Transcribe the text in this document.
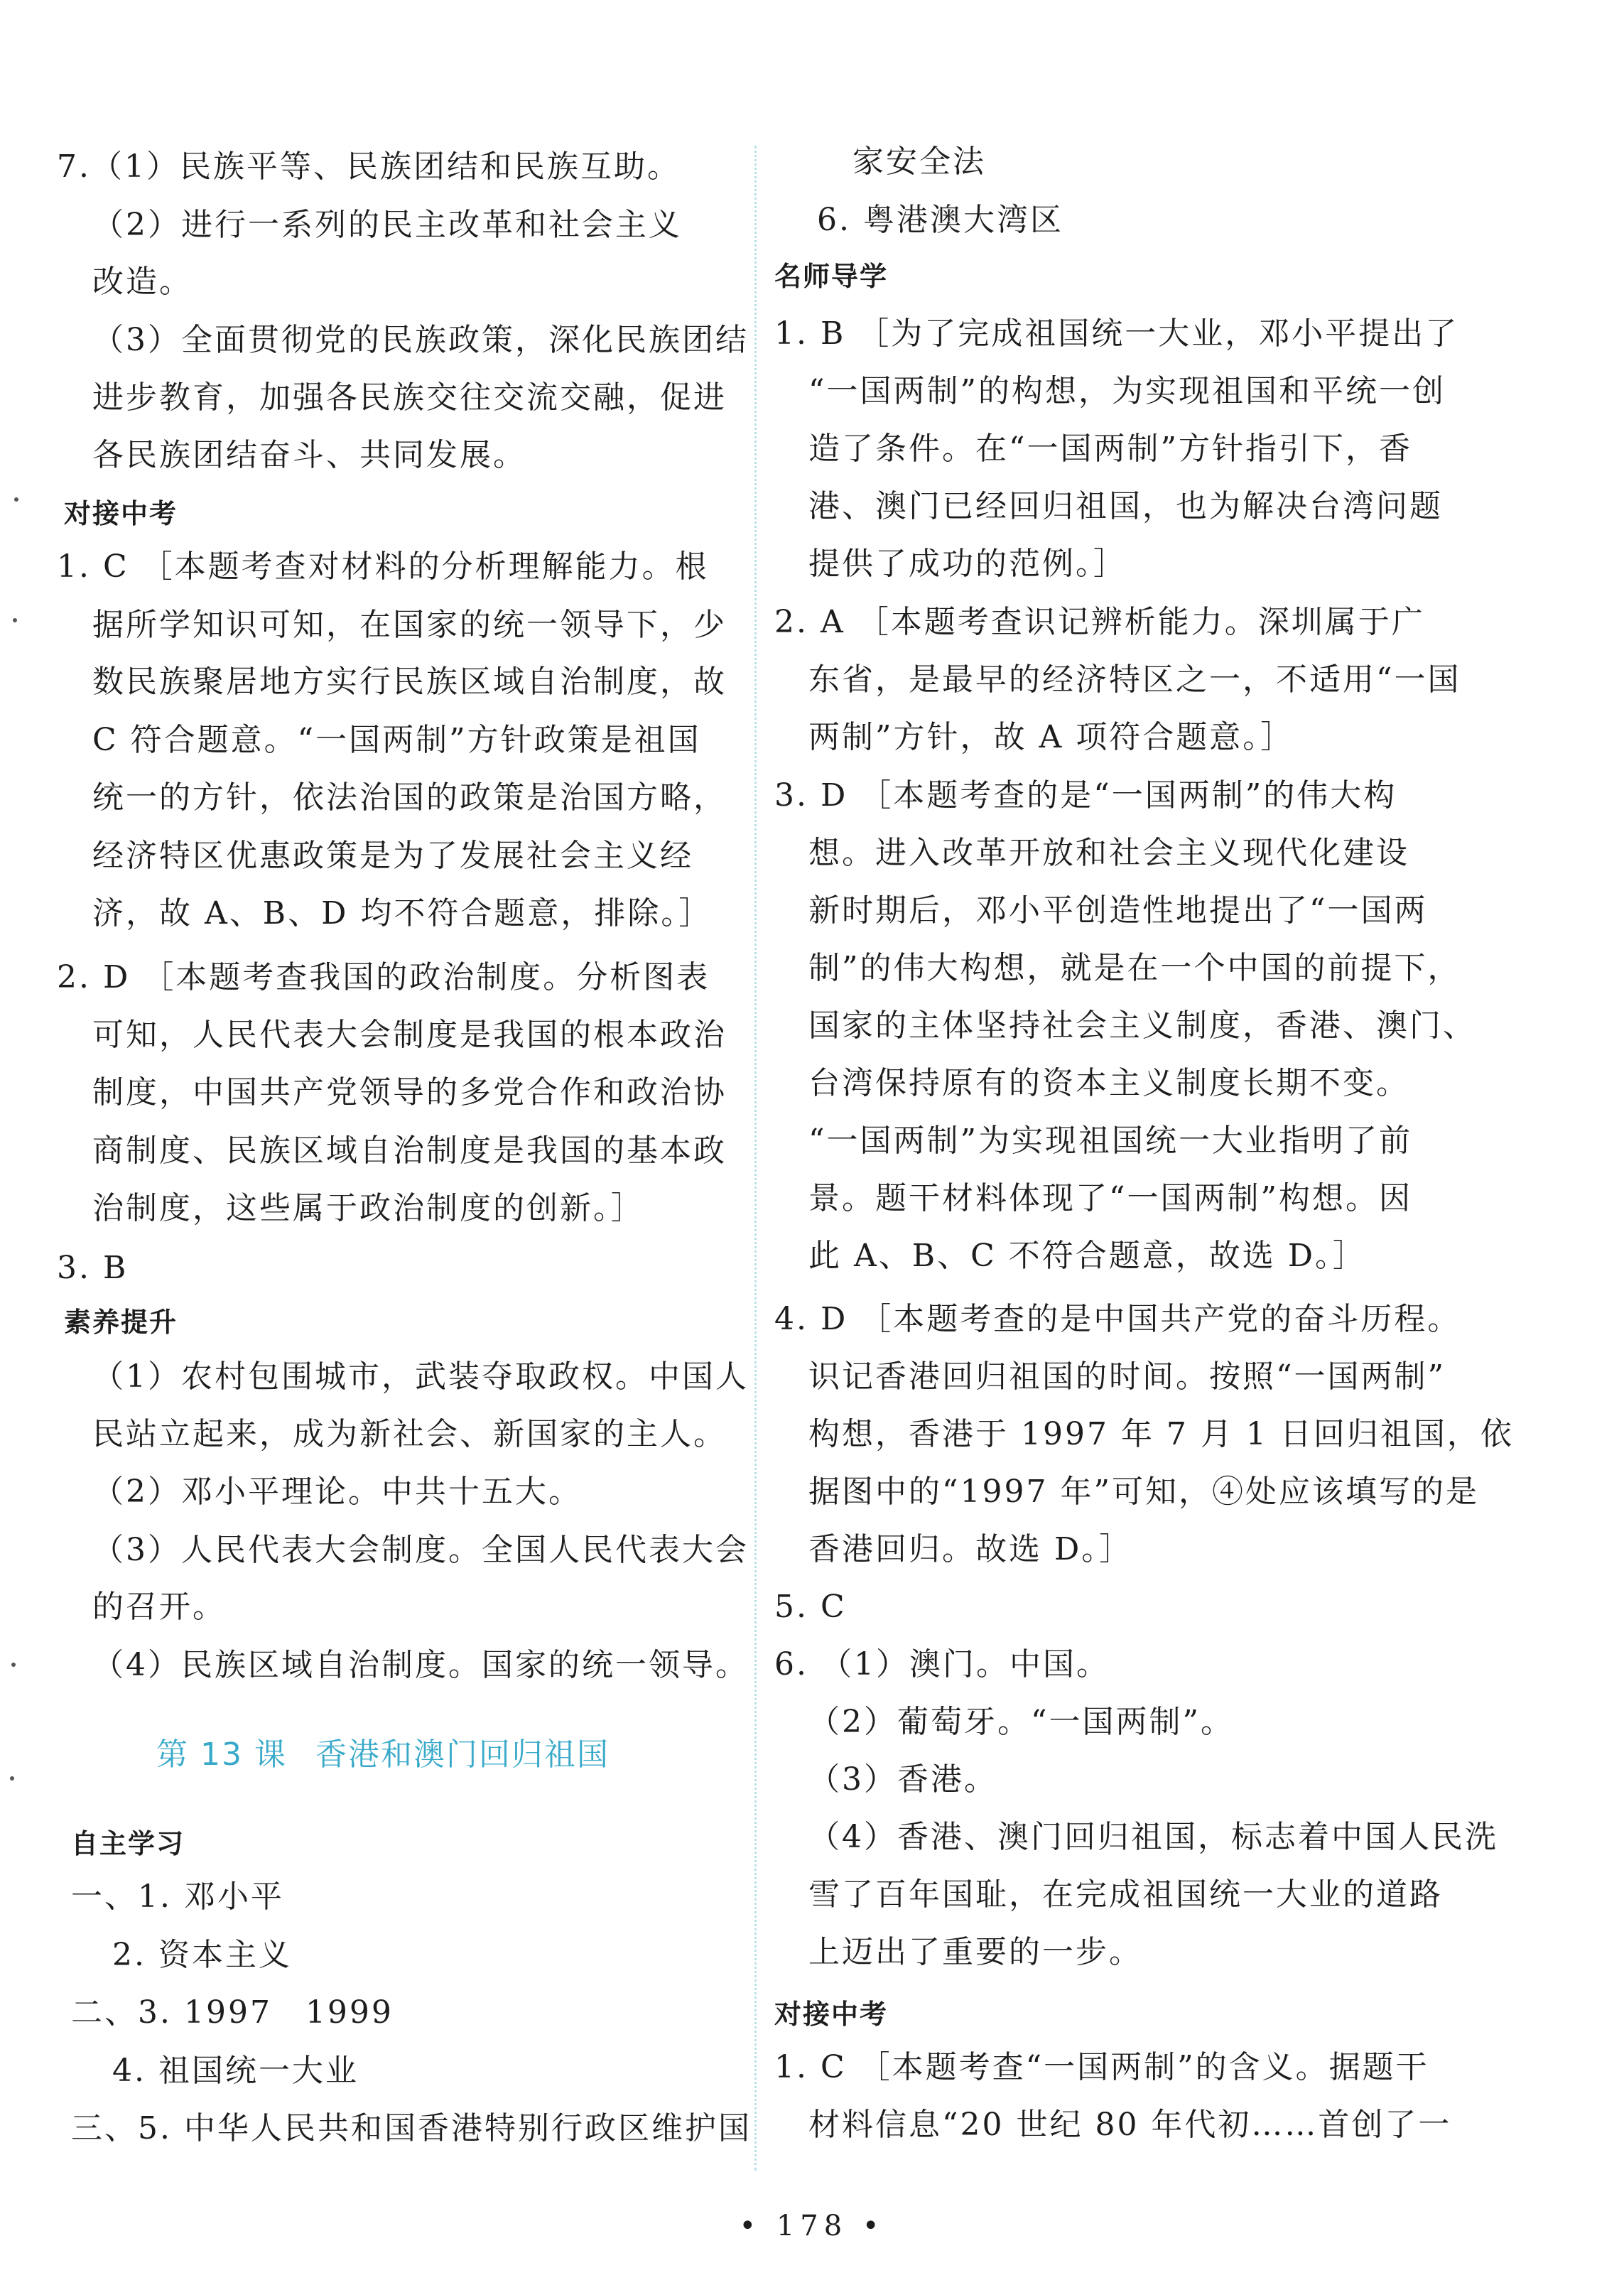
7.（1）民族平等、民族团结和民族互助。
（2）进行一系列的民主改革和社会主义
改造。
（3）全面贯彻党的民族政策，深化民族团结
进步教育，加强各民族交往交流交融，促进
各民族团结奋斗、共同发展。
对接中考
1. C ［本题考查对材料的分析理解能力。根
据所学知识可知，在国家的统一领导下，少
数民族聚居地方实行民族区域自治制度，故
C 符合题意。“一国两制”方针政策是祖国
统一的方针，依法治国的政策是治国方略，
经济特区优惠政策是为了发展社会主义经
济，故 A、B、D 均不符合题意，排除。］
2. D ［本题考查我国的政治制度。分析图表
可知，人民代表大会制度是我国的根本政治
制度，中国共产党领导的多党合作和政治协
商制度、民族区域自治制度是我国的基本政
治制度，这些属于政治制度的创新。］
3. B
素养提升
（1）农村包围城市，武装夺取政权。中国人
民站立起来，成为新社会、新国家的主人。
（2）邓小平理论。中共十五大。
（3）人民代表大会制度。全国人民代表大会
的召开。
（4）民族区域自治制度。国家的统一领导。
第 13 课 香港和澳门回归祖国
自主学习
一、1. 邓小平
2. 资本主义
二、3. 1997　1999
4. 祖国统一大业
三、5. 中华人民共和国香港特别行政区维护国
家安全法
6. 粤港澳大湾区
名师导学
1. B ［为了完成祖国统一大业，邓小平提出了
“一国两制”的构想，为实现祖国和平统一创
造了条件。在“一国两制”方针指引下，香
港、澳门已经回归祖国，也为解决台湾问题
提供了成功的范例。］
2. A ［本题考查识记辨析能力。深圳属于广
东省，是最早的经济特区之一，不适用“一国
两制”方针，故 A 项符合题意。］
3. D ［本题考查的是“一国两制”的伟大构
想。进入改革开放和社会主义现代化建设
新时期后，邓小平创造性地提出了“一国两
制”的伟大构想，就是在一个中国的前提下，
国家的主体坚持社会主义制度，香港、澳门、
台湾保持原有的资本主义制度长期不变。
“一国两制”为实现祖国统一大业指明了前
景。题干材料体现了“一国两制”构想。因
此 A、B、C 不符合题意，故选 D。］
4. D ［本题考查的是中国共产党的奋斗历程。
识记香港回归祖国的时间。按照“一国两制”
构想，香港于 1997 年 7 月 1 日回归祖国，依
据图中的“1997 年”可知，④处应该填写的是
香港回归。故选 D。］
5. C
6. （1）澳门。中国。
（2）葡萄牙。“一国两制”。
（3）香港。
（4）香港、澳门回归祖国，标志着中国人民洗
雪了百年国耻，在完成祖国统一大业的道路
上迈出了重要的一步。
对接中考
1. C ［本题考查“一国两制”的含义。据题干
材料信息“20 世纪 80 年代初……首创了一
• 178 •
